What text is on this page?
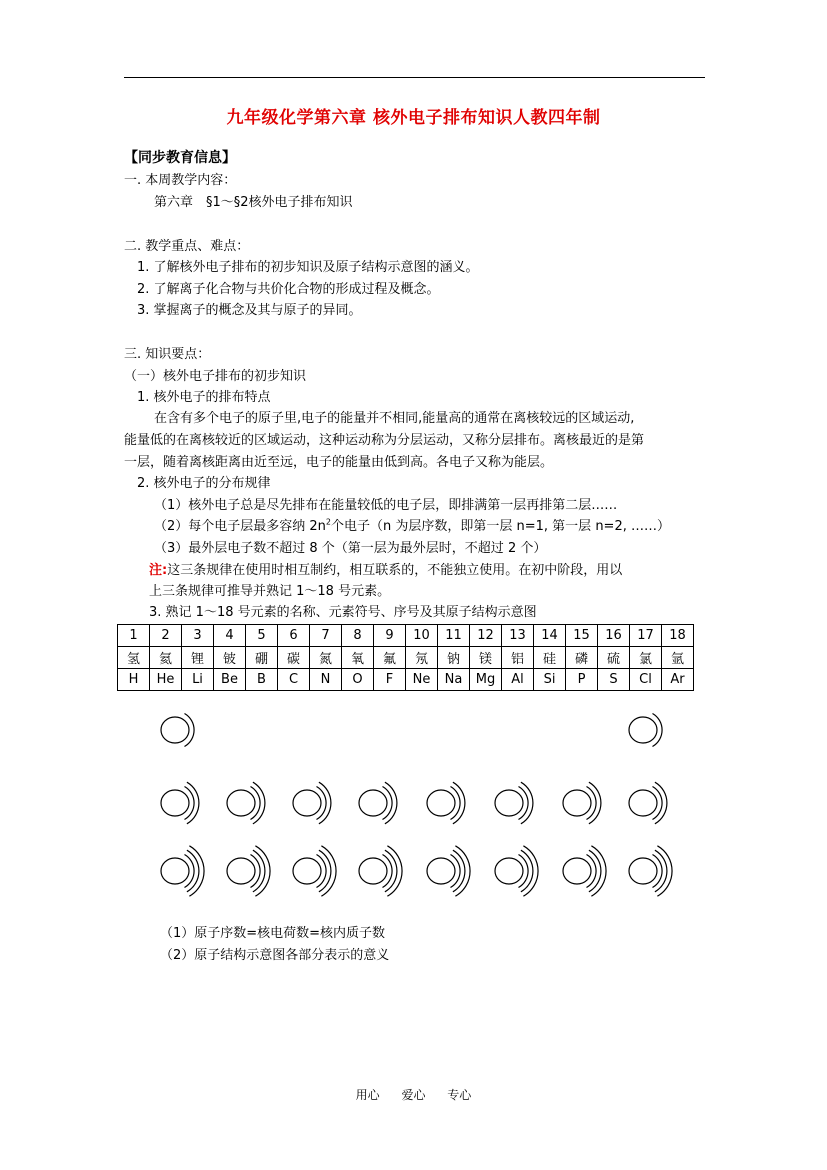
九年级化学第六章 核外电子排布知识人教四年制
【同步教育信息】
一. 本周教学内容：
第六章　§1～§2核外电子排布知识
二. 教学重点、难点：
1. 了解核外电子排布的初步知识及原子结构示意图的涵义。
2. 了解离子化合物与共价化合物的形成过程及概念。
3. 掌握离子的概念及其与原子的异同。
三. 知识要点：
（一）核外电子排布的初步知识
1. 核外电子的排布特点
在含有多个电子的原子里,电子的能量并不相同,能量高的通常在离核较远的区域运动,
能量低的在离核较近的区域运动，这种运动称为分层运动，又称分层排布。离核最近的是第
一层，随着离核距离由近至远，电子的能量由低到高。各电子又称为能层。
2. 核外电子的分布规律
（1）核外电子总是尽先排布在能量较低的电子层，即排满第一层再排第二层……
（2）每个电子层最多容纳 $2n^2$个电子（n 为层序数，即第一层 n=1, 第一层 n=2, ……）
（3）最外层电子数不超过 8 个（第一层为最外层时，不超过 2 个）
注:这三条规律在使用时相互制约，相互联系的，不能独立使用。在初中阶段，用以
上三条规律可推导并熟记 1～18 号元素。
3. 熟记 1～18 号元素的名称、元素符号、序号及其原子结构示意图
1	2	3	4	5	6	7	8	9	10	11	12	13	14	15	16	17	18
氢	氦	锂	铍	硼	碳	氮	氧	氟	氖	钠	镁	铝	硅	磷	硫	氯	氩
H	He	Li	Be	B	C	N	O	F	Ne	Na	Mg	Al	Si	P	S	Cl	Ar
（1）原子序数=核电荷数=核内质子数
（2）原子结构示意图各部分表示的意义
用心 爱心 专心
